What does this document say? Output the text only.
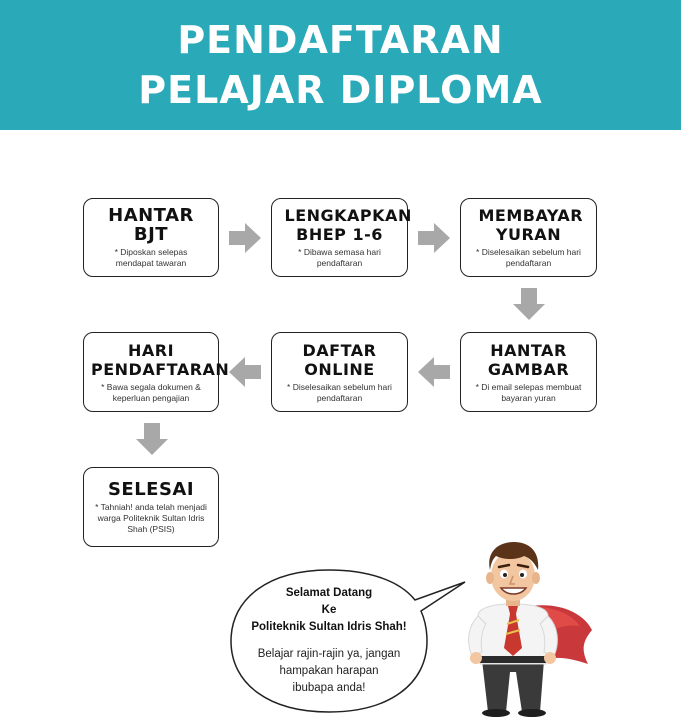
PENDAFTARAN
PELAJAR DIPLOMA
HANTAR BJT
* Diposkan selepas mendapat tawaran
LENGKAPKAN BHEP 1-6
* Dibawa semasa hari pendaftaran
MEMBAYAR YURAN
* Diselesaikan sebelum hari pendaftaran
HARI PENDAFTARAN
* Bawa segala dokumen & keperluan pengajian
DAFTAR ONLINE
* Diselesaikan sebelum hari pendaftaran
HANTAR GAMBAR
* Di email selepas membuat bayaran yuran
SELESAI
* Tahniah! anda telah menjadi warga Politeknik Sultan Idris Shah (PSIS)
Selamat Datang
Ke
Politeknik Sultan Idris Shah!
Belajar rajin-rajin ya, jangan
hampakan harapan
ibubapa anda!
